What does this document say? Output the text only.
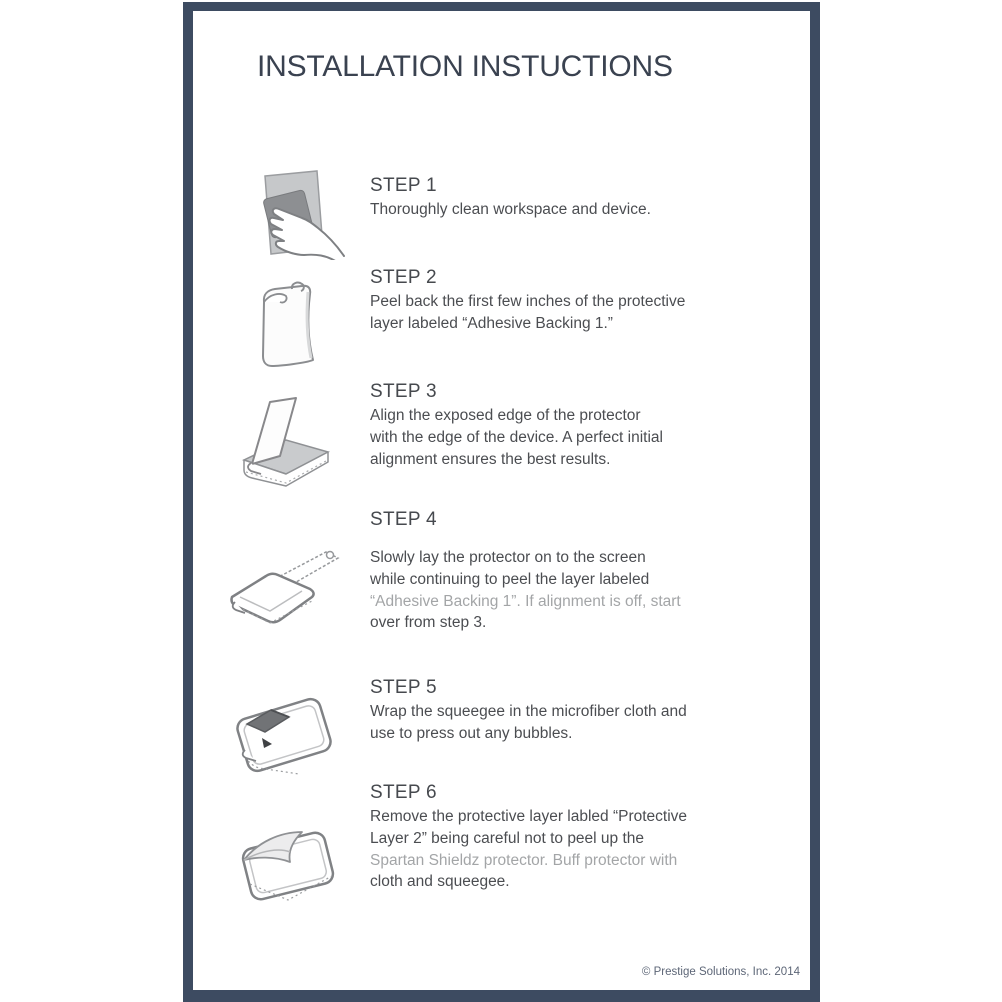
INSTALLATION INSTUCTIONS
STEP 1
Thoroughly clean workspace and device.
STEP 2
Peel back the first few inches of the protective
layer labeled “Adhesive Backing 1.”
STEP 3
Align the exposed edge of the protector
with the edge of the device. A perfect initial
alignment ensures the best results.
STEP 4
Slowly lay the protector on to the screen
while continuing to peel the layer labeled
“Adhesive Backing 1”. If alignment is off, start
over from step 3.
STEP 5
Wrap the squeegee in the microfiber cloth and
use to press out any bubbles.
STEP 6
Remove the protective layer labled “Protective
Layer 2” being careful not to peel up the
Spartan Shieldz protector. Buff protector with
cloth and squeegee.
© Prestige Solutions, Inc. 2014
